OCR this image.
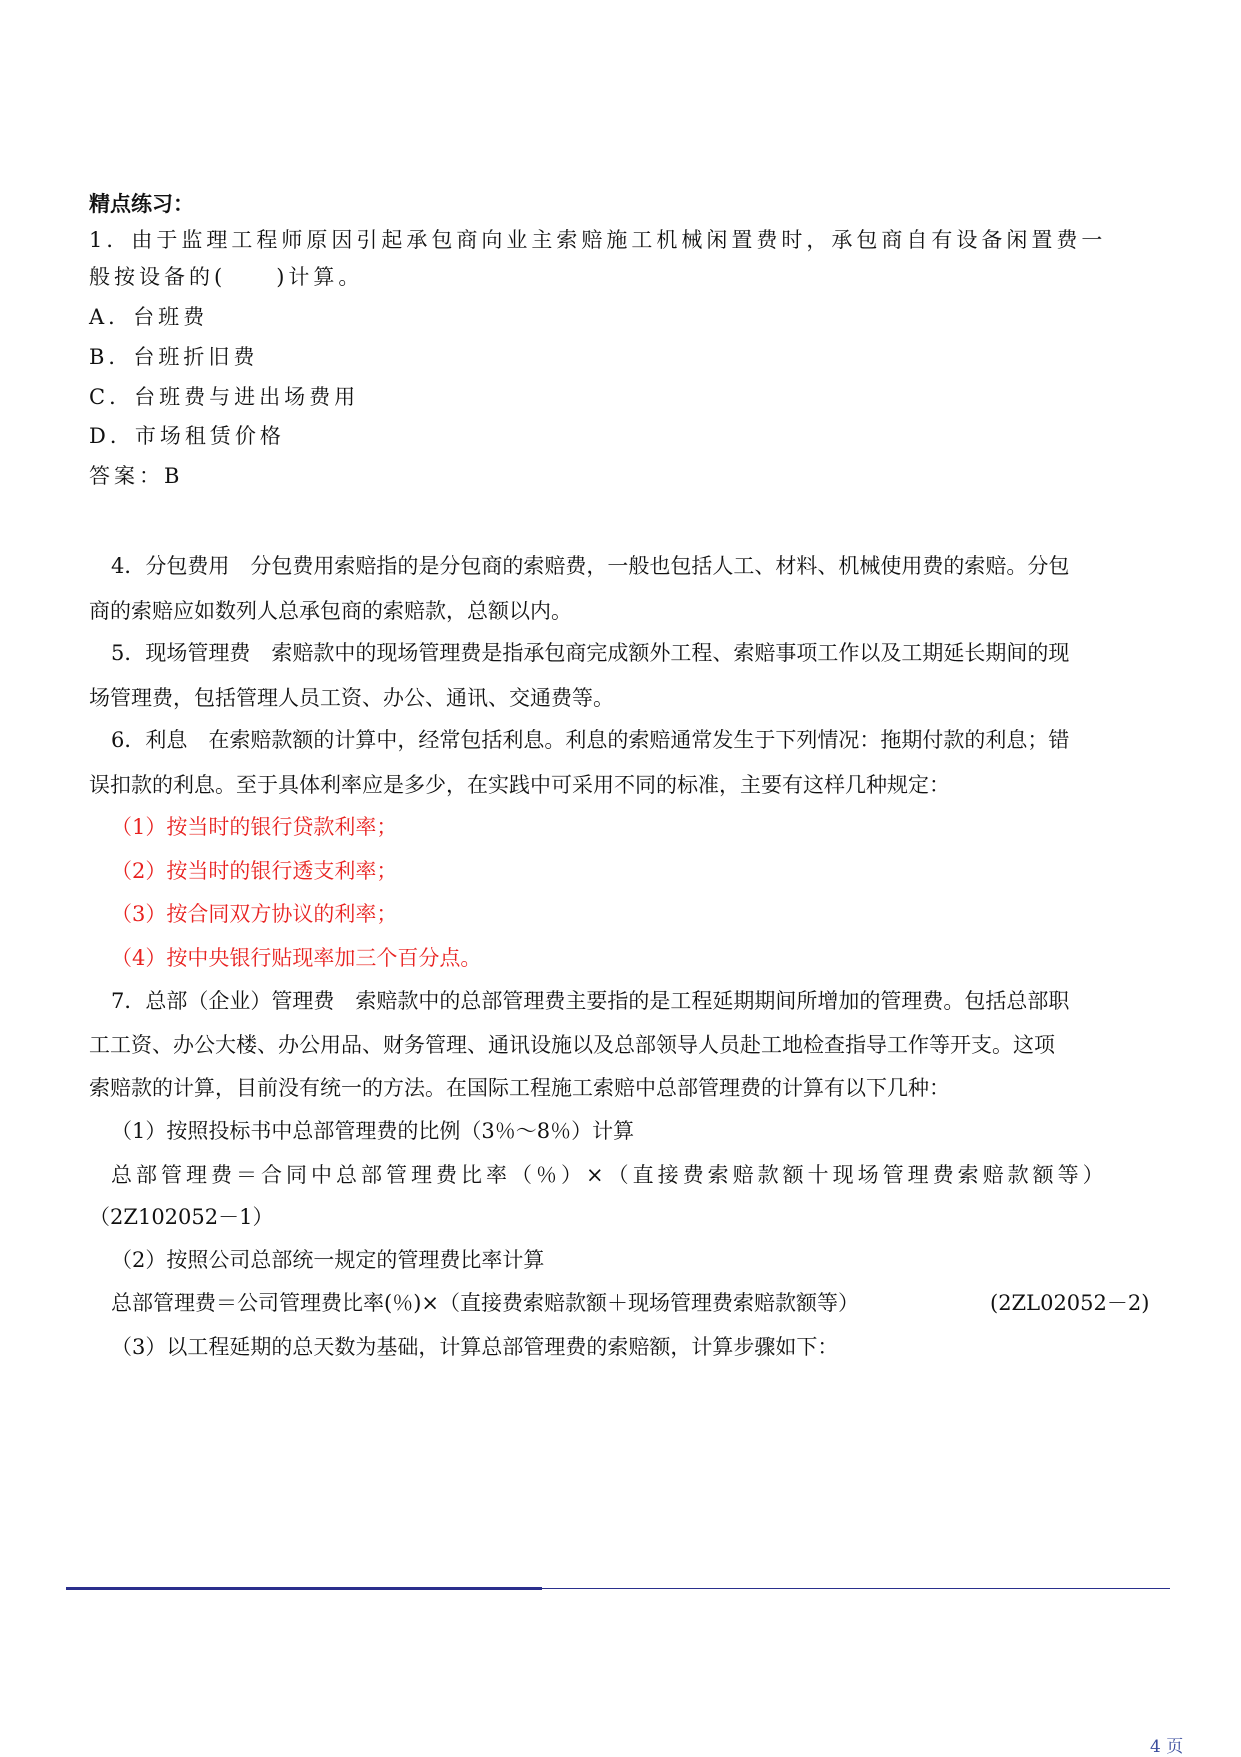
精点练习：
1．由于监理工程师原因引起承包商向业主索赔施工机械闲置费时，承包商自有设备闲置费一
般按设备的(　　)计算。
A．台班费
B．台班折旧费
C．台班费与进出场费用
D．市场租赁价格
答案：B
4．分包费用　分包费用索赔指的是分包商的索赔费，一般也包括人工、材料、机械使用费的索赔。分包
商的索赔应如数列人总承包商的索赔款，总额以内。
5．现场管理费　索赔款中的现场管理费是指承包商完成额外工程、索赔事项工作以及工期延长期间的现
场管理费，包括管理人员工资、办公、通讯、交通费等。
6．利息　在索赔款额的计算中，经常包括利息。利息的索赔通常发生于下列情况：拖期付款的利息；错
误扣款的利息。至于具体利率应是多少，在实践中可采用不同的标准，主要有这样几种规定：
（1）按当时的银行贷款利率；
（2）按当时的银行透支利率；
（3）按合同双方协议的利率；
（4）按中央银行贴现率加三个百分点。
7．总部（企业）管理费　索赔款中的总部管理费主要指的是工程延期期间所增加的管理费。包括总部职
工工资、办公大楼、办公用品、财务管理、通讯设施以及总部领导人员赴工地检查指导工作等开支。这项
索赔款的计算，目前没有统一的方法。在国际工程施工索赔中总部管理费的计算有以下几种：
（1）按照投标书中总部管理费的比例（3％～8％）计算
总部管理费＝合同中总部管理费比率（％）×（直接费索赔款额十现场管理费索赔款额等）
（2Z102052－1）
（2）按照公司总部统一规定的管理费比率计算
总部管理费＝公司管理费比率(％)×（直接费索赔款额＋现场管理费索赔款额等）	(2ZL02052－2)
（3）以工程延期的总天数为基础，计算总部管理费的索赔额，计算步骤如下：
4 页
